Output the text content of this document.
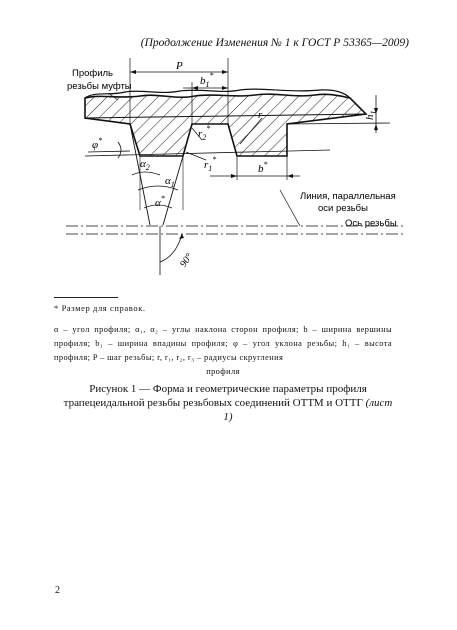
(Продолжение Изменения № 1 к ГОСТ Р 53365—2009)
Профиль
резьбы муфты
Линия, параллельная
оси резьбы
Ось резьбы
P
$b_1^*$
$h_1$
r
$r_2^*$
$r_1^*$
b*
φ*
$\alpha_2$
$\alpha_1$
α*
90°
* Размер для справок.
α – угол профиля; α₁, α₂ – углы наклона сторон профиля; b – ширина вершины профиля; b₁ – ширина впадины профиля; φ – угол уклона резьбы; h₁ – высота профиля; P – шаг резьбы; r, r₁, r₂, r₃ – радиусы скругления
профиля
Рисунок 1 — Форма и геометрические параметры профиля
трапецеидальной резьбы резьбовых соединений ОТТМ и ОТТГ (лист 1)
2
